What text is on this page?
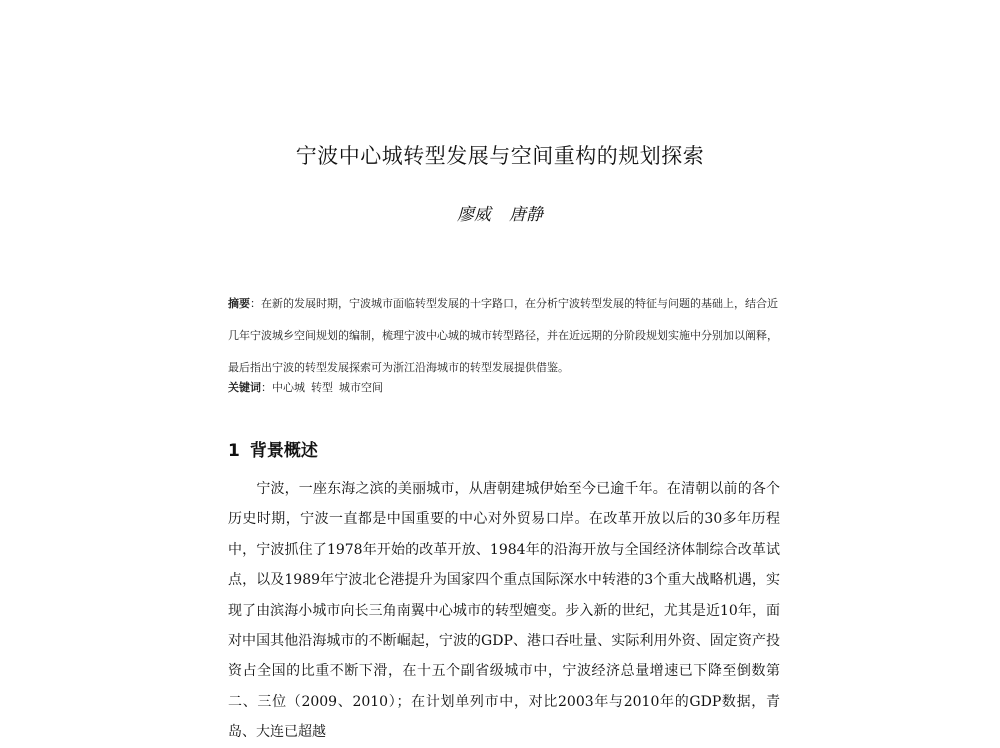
宁波中心城转型发展与空间重构的规划探索
廖威 唐静
摘要：在新的发展时期，宁波城市面临转型发展的十字路口，在分析宁波转型发展的特征与问题的基础上，结合近几年宁波城乡空间规划的编制，梳理宁波中心城的城市转型路径，并在近远期的分阶段规划实施中分别加以阐释，最后指出宁波的转型发展探索可为浙江沿海城市的转型发展提供借鉴。
关键词：中心城 转型 城市空间
1 背景概述

　　宁波，一座东海之滨的美丽城市，从唐朝建城伊始至今已逾千年。在清朝以前的各个历史时期，宁波一直都是中国重要的中心对外贸易口岸。在改革开放以后的30多年历程中，宁波抓住了1978年开始的改革开放、1984年的沿海开放与全国经济体制综合改革试点，以及1989年宁波北仑港提升为国家四个重点国际深水中转港的3个重大战略机遇，实现了由滨海小城市向长三角南翼中心城市的转型嬗变。步入新的世纪，尤其是近10年，面对中国其他沿海城市的不断崛起，宁波的GDP、港口吞吐量、实际利用外资、固定资产投资占全国的比重不断下滑，在十五个副省级城市中，宁波经济总量增速已下降至倒数第二、三位（2009、2010）；在计划单列市中，对比2003年与2010年的GDP数据，青岛、大连已超越
